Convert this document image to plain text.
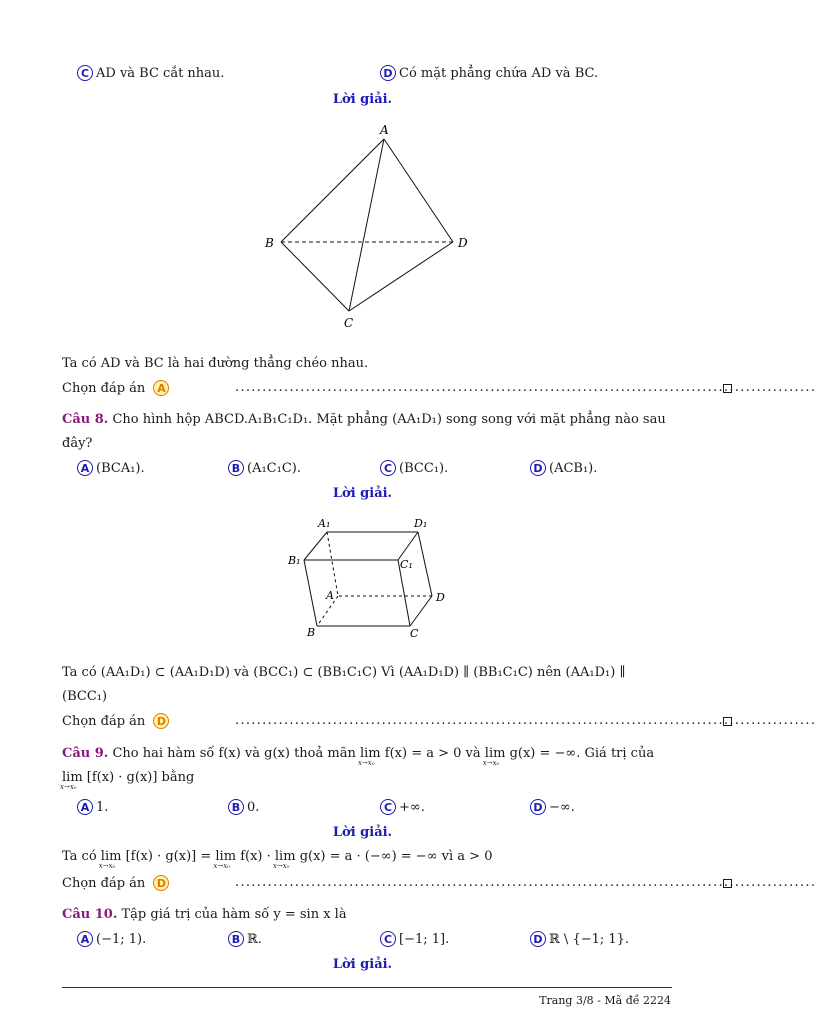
C AD và BC cắt nhau.	D Có mặt phẳng chứa AD và BC.
Lời giải.
A
B	D
C
Ta có AD và BC là hai đường thẳng chéo nhau.
Chọn đáp án A	...........................................................................................................
Câu 8. Cho hình hộp ABCD.A₁B₁C₁D₁. Mặt phẳng (AA₁D₁) song song với mặt phẳng nào sau
đây?
A (BCA₁).	B (A₁C₁C).	C (BCC₁).	D (ACB₁).
Lời giải.
A₁	D₁
B₁	C₁
A	D
B	C
Ta có (AA₁D₁) ⊂ (AA₁D₁D) và (BCC₁) ⊂ (BB₁C₁C) Vì (AA₁D₁D) ∥ (BB₁C₁C) nên (AA₁D₁) ∥
(BCC₁)
Chọn đáp án D	...........................................................................................................
Câu 9. Cho hai hàm số f(x) và g(x) thoả mãn lim
x→x₀
f(x) = a > 0 và lim
x→x₀
g(x) = −∞. Giá trị của
lim
x→x₀
[f(x) · g(x)] bằng
A 1.	B 0.	C +∞.	D −∞.
Lời giải.
Ta có lim
x→x₀
[f(x) · g(x)] = lim
x→x₀
f(x) · lim
x→x₀
g(x) = a · (−∞) = −∞ vì a > 0
Chọn đáp án D	...........................................................................................................
Câu 10. Tập giá trị của hàm số y = sin x là
A (−1; 1).	B ℝ.	C [−1; 1].	D ℝ \ {−1; 1}.
Lời giải.
Trang 3/8 - Mã đề 2224
